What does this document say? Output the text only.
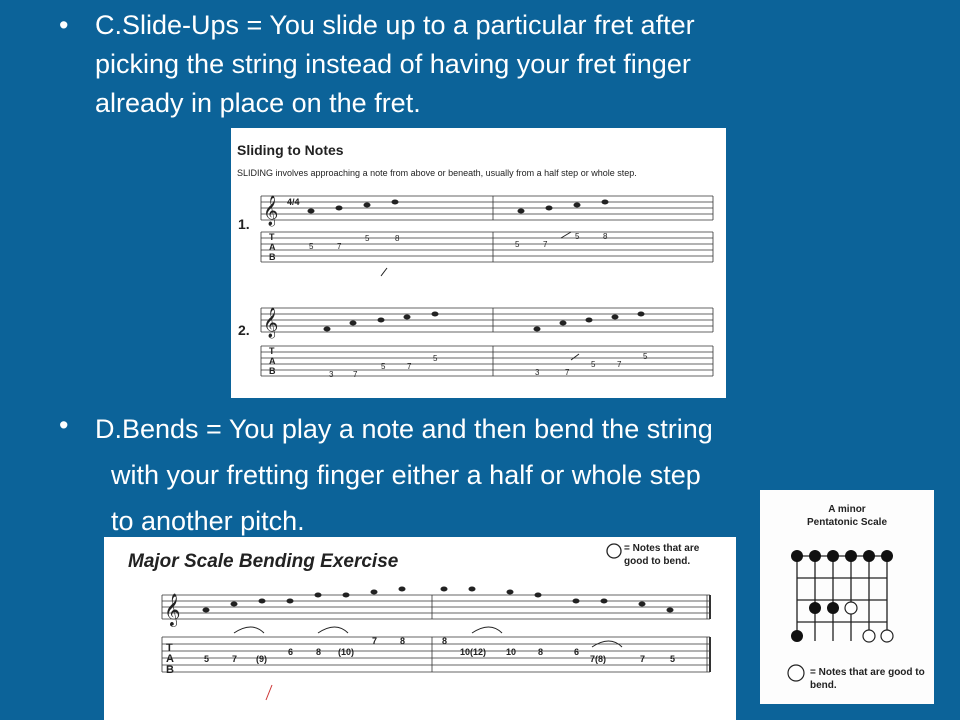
• C.Slide-Ups = You slide up to a particular fret after
picking the string instead of having your fret finger
already in place on the fret.
Sliding to Notes
SLIDING involves approaching a note from above or beneath, usually from a half step or whole step.
1.
2.
𝄞
𝄞
T
A
B
T
A
B
4/4
5	7
5	8
5	7
5	8
3 7
5	7
5
3	7
5	7
5
• D.Bends = You play a note and then bend the string
with your fretting finger either a half or whole step
to another pitch.
Major Scale Bending Exercise
= Notes that are good to bend.
𝄞
T
A
B
5	7 (9)
6	8 (10)
7	8	8
10(12) 10 8	6
7(8)	7	5
A minor
Pentatonic Scale
= Notes that are good to bend.
